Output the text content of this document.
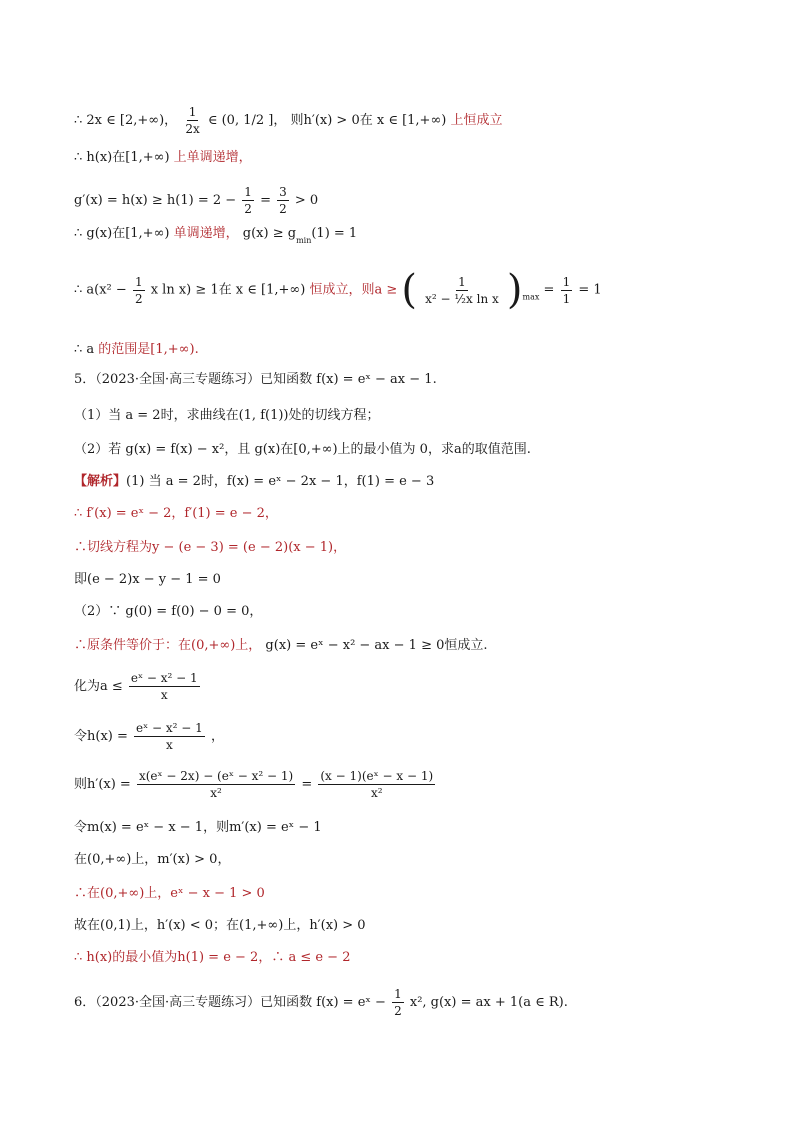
∴ 2x ∈ [2,+∞)， $\frac{1}{2x}$ ∈ (0, 1/2 ]， 则h′(x) > 0在 x ∈ [1,+∞) 上恒成立
∴ h(x)在[1,+∞) 上单调递增，
$g'(x) = h(x) \ge h(1) = 2 - \frac{1}{2} = \frac{3}{2} > 0$
∴ g(x)在[1,+∞) 单调递增， $g(x) \ge g_{min}(1) = 1$
∴ $a(x^2 - \frac{1}{2}$ x ln x) ≥ 1在 x ∈ [1,+∞) 恒成立，则a ≥ ( $\frac{1}{\text{x² − ½x ln x}} )_{max} = \frac{1}{1} = 1$
∴ a 的范围是[1,+∞).
5．（2023·全国·高三专题练习）已知函数 f(x) = eˣ − ax − 1.
（1）当 a = 2时，求曲线在(1, f(1))处的切线方程；
（2）若 g(x) = f(x) − x²，且 g(x)在[0,+∞)上的最小值为 0，求a的取值范围.
【解析】(1) 当 a = 2时，f(x) = eˣ − 2x − 1，f(1) = e − 3
∴ f′(x) = eˣ − 2，f′(1) = e − 2，
∴切线方程为y − (e − 3) = (e − 2)(x − 1)，
即(e − 2)x − y − 1 = 0
（2）∵ g(0) = f(0) − 0 = 0，
∴原条件等价于：在(0,+∞)上， g(x) = eˣ − x² − ax − 1 ≥ 0恒成立.
化为$a \le \frac{\text{eˣ − x² − 1}}{x}$
令$h(x) = \frac{\text{eˣ − x² − 1}}{x}$ ，
则$h'(x) = \frac{\text{x(eˣ − 2x) − (eˣ − x² − 1)}}{\text{x²}} = \frac{\text{(x − 1)(eˣ − x − 1)}}{\text{x²}}$
令m(x) = eˣ − x − 1，则m′(x) = eˣ − 1
在(0,+∞)上，m′(x) > 0，
∴在(0,+∞)上，eˣ − x − 1 > 0
故在(0,1)上，h′(x) < 0；在(1,+∞)上，h′(x) > 0
∴ h(x)的最小值为h(1) = e − 2，∴ a ≤ e − 2
6．（2023·全国·高三专题练习）已知函数 f(x) = eˣ − $\frac{1}{2} x^2$, g(x) = ax + 1(a ∈ R).
